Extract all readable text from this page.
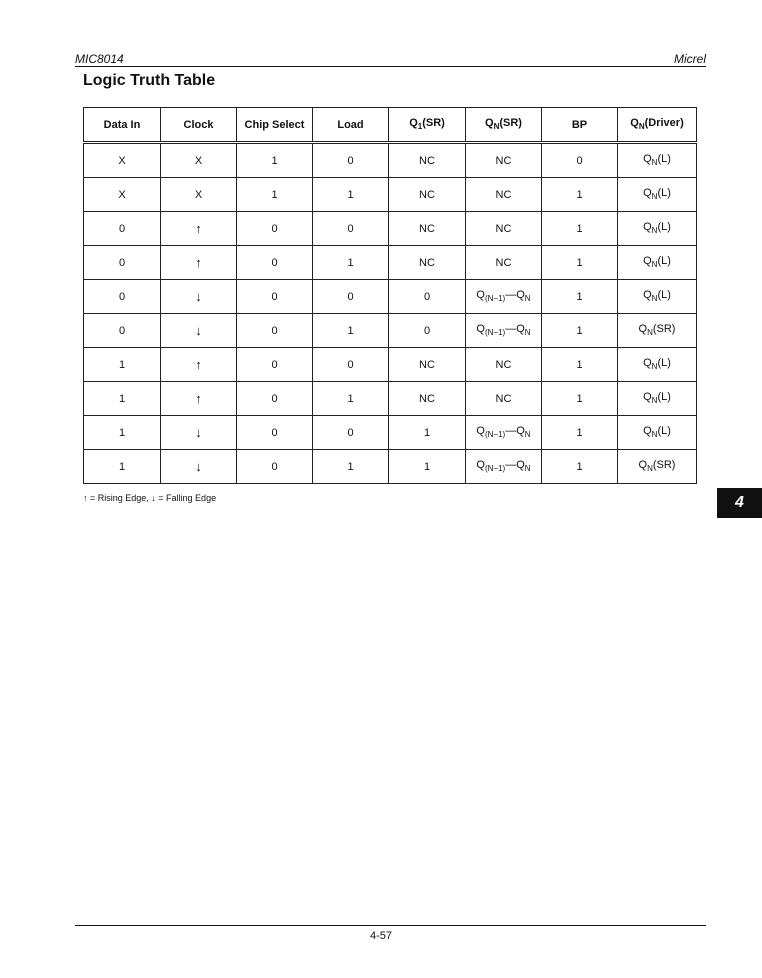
MIC8014	Micrel
Logic Truth Table
Data In	Clock	Chip Select	Load	$Q_1(SR)$	$Q_N(SR)$	BP	$Q_N(Driver)$
X	X	1	0	NC	NC	0	$Q_N(L)$
X	X	1	1	NC	NC	1	$Q_N(L)$
0	↑	0	0	NC	NC	1	$Q_N(L)$
0	↑	0	1	NC	NC	1	$Q_N(L)$
0	↓	0	0	0	$Q_{(N-1)}—Q_N$	1	$Q_N(L)$
0	↓	0	1	0	$Q_{(N-1)}—Q_N$	1	$Q_N(SR)$
1	↑	0	0	NC	NC	1	$Q_N(L)$
1	↑	0	1	NC	NC	1	$Q_N(L)$
1	↓	0	0	1	$Q_{(N-1)}—Q_N$	1	$Q_N(L)$
1	↓	0	1	1	$Q_{(N-1)}—Q_N$	1	$Q_N(SR)$
↑ = Rising Edge, ↓ = Falling Edge	4
4-57
